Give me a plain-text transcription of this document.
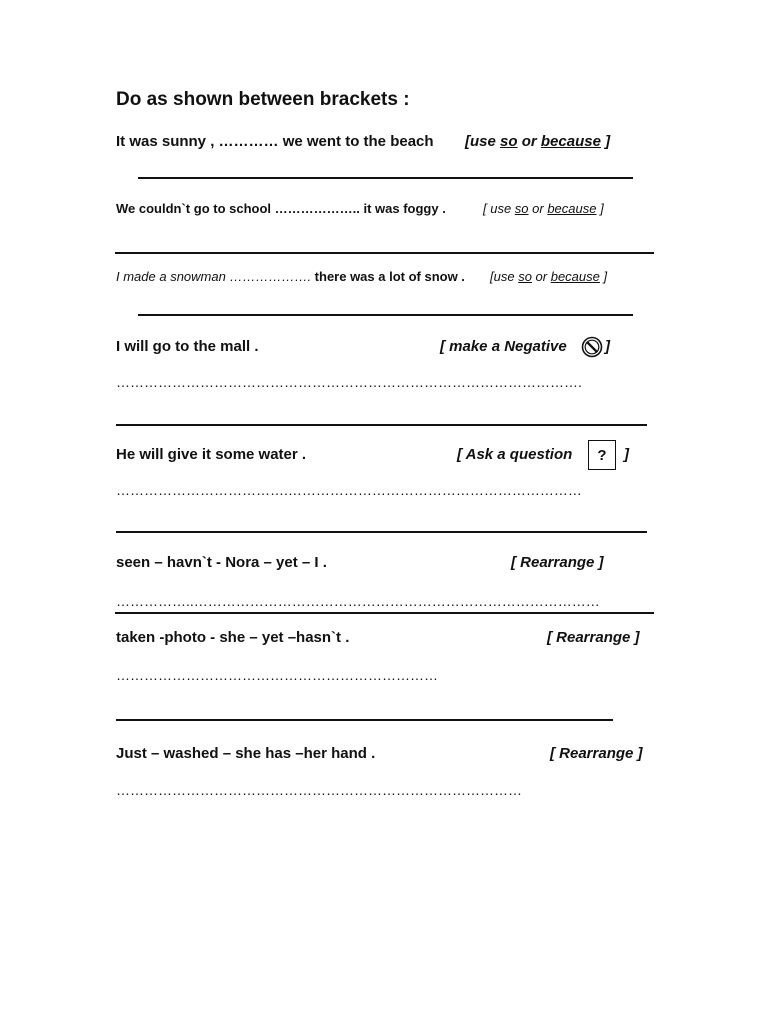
Do as shown between brackets :
It was sunny , ………… we went to the beach [use so or because ]
We couldn`t go to school ……………….. it was foggy .	[ use so or because ]
I made a snowman ………………. there was a lot of snow . [use so or because ]
I will go to the mall .	[ make a Negative	]
……………………………………………………………………………………….
He will give it some water .	[ Ask a question	?	]
……………………………….………………………………………………………
seen – havn`t - Nora – yet – I .	[ Rearrange ]
……………..……………………………………………………………………………
taken -photo - she – yet –hasn`t .	[ Rearrange ]
……………………………………………………………
Just – washed – she has –her hand .	[ Rearrange ]
……………………………………………………………………………
